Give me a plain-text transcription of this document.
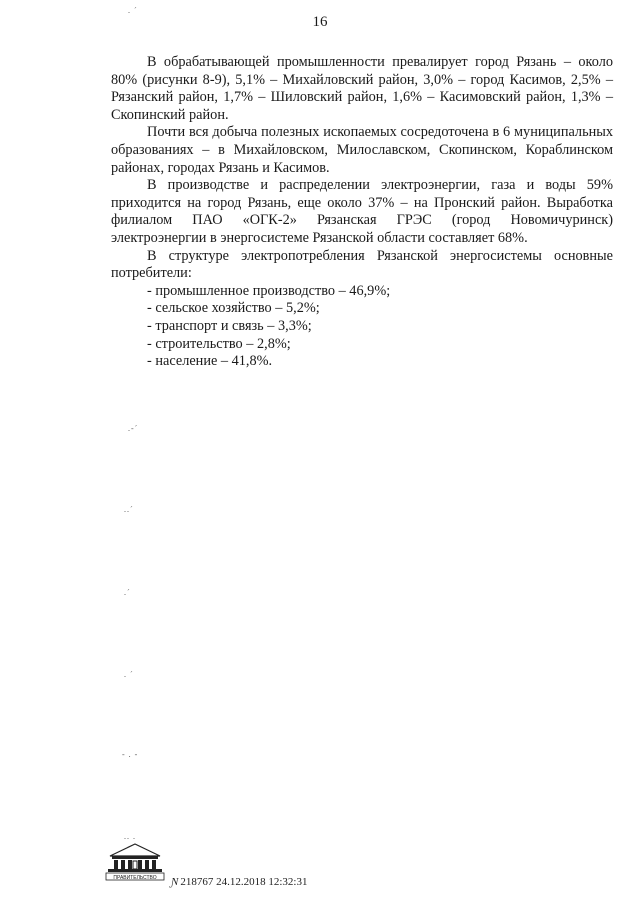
16

В обрабатывающей промышленности превалирует город Рязань – около 80% (рисунки 8-9), 5,1% – Михайловский район, 3,0% – город Касимов, 2,5% – Рязанский район, 1,7% – Шиловский район, 1,6% – Касимовский район, 1,3% – Скопинский район.

Почти вся добыча полезных ископаемых сосредоточена в 6 муниципальных образованиях – в Михайловском, Милославском, Скопинском, Кораблинском районах, городах Рязань и Касимов.

В производстве и распределении электроэнергии, газа и воды 59% приходится на город Рязань, еще около 37% – на Пронский район. Выработка филиалом ПАО «ОГК-2» Рязанская ГРЭС (город Новомичуринск) электроэнергии в энергосистеме Рязанской области составляет 68%.

В структуре электропотребления Рязанской энергосистемы основные потребители:

- промышленное производство – 46,9%;
- сельское хозяйство – 5,2%;
- транспорт и связь – 3,3%;
- строительство – 2,8%;
- население – 41,8%.
. ˊ
.-ˊ
..ˊ
.ˊ
. ˊ
- . -
.. .
ПРАВИТЕЛЬСТВО Ɲ 218767 24.12.2018 12:32:31
